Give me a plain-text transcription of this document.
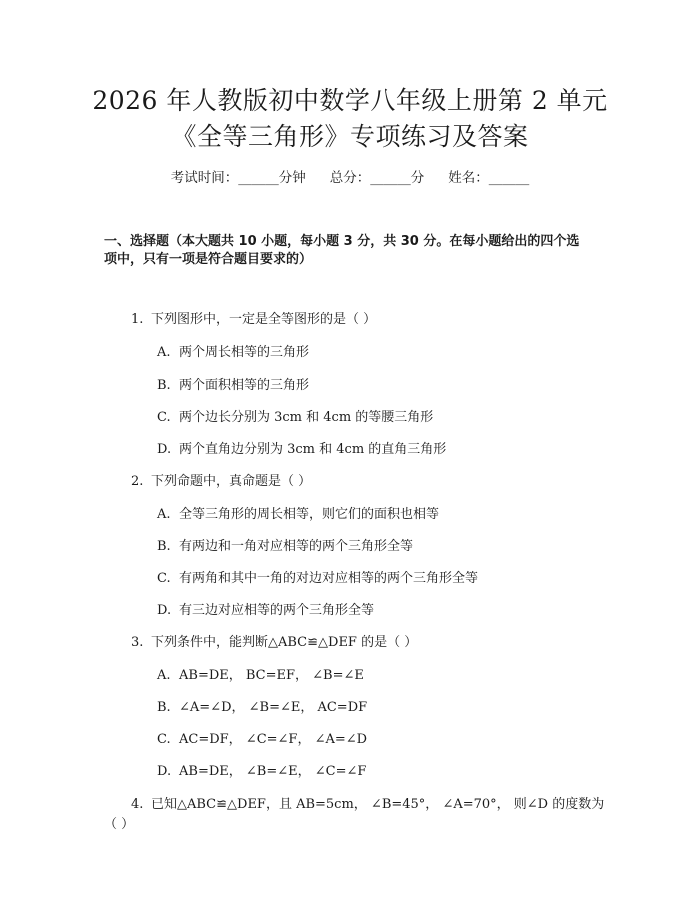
2026 年人教版初中数学八年级上册第 2 单元
《全等三角形》专项练习及答案
考试时间：______分钟 总分：______分 姓名：______
一、选择题（本大题共 10 小题，每小题 3 分，共 30 分。在每小题给出的四个选
项中，只有一项是符合题目要求的）
1. 下列图形中，一定是全等图形的是（ ）
A. 两个周长相等的三角形
B. 两个面积相等的三角形
C. 两个边长分别为 3cm 和 4cm 的等腰三角形
D. 两个直角边分别为 3cm 和 4cm 的直角三角形
2. 下列命题中，真命题是（ ）
A. 全等三角形的周长相等，则它们的面积也相等
B. 有两边和一角对应相等的两个三角形全等
C. 有两角和其中一角的对边对应相等的两个三角形全等
D. 有三边对应相等的两个三角形全等
3. 下列条件中，能判断△ABC≌△DEF 的是（ ）
A. AB=DE， BC=EF， ∠B=∠E
B. ∠A=∠D， ∠B=∠E， AC=DF
C. AC=DF， ∠C=∠F， ∠A=∠D
D. AB=DE， ∠B=∠E， ∠C=∠F
4. 已知△ABC≌△DEF，且 AB=5cm， ∠B=45°， ∠A=70°， 则∠D 的度数为
（ ）
